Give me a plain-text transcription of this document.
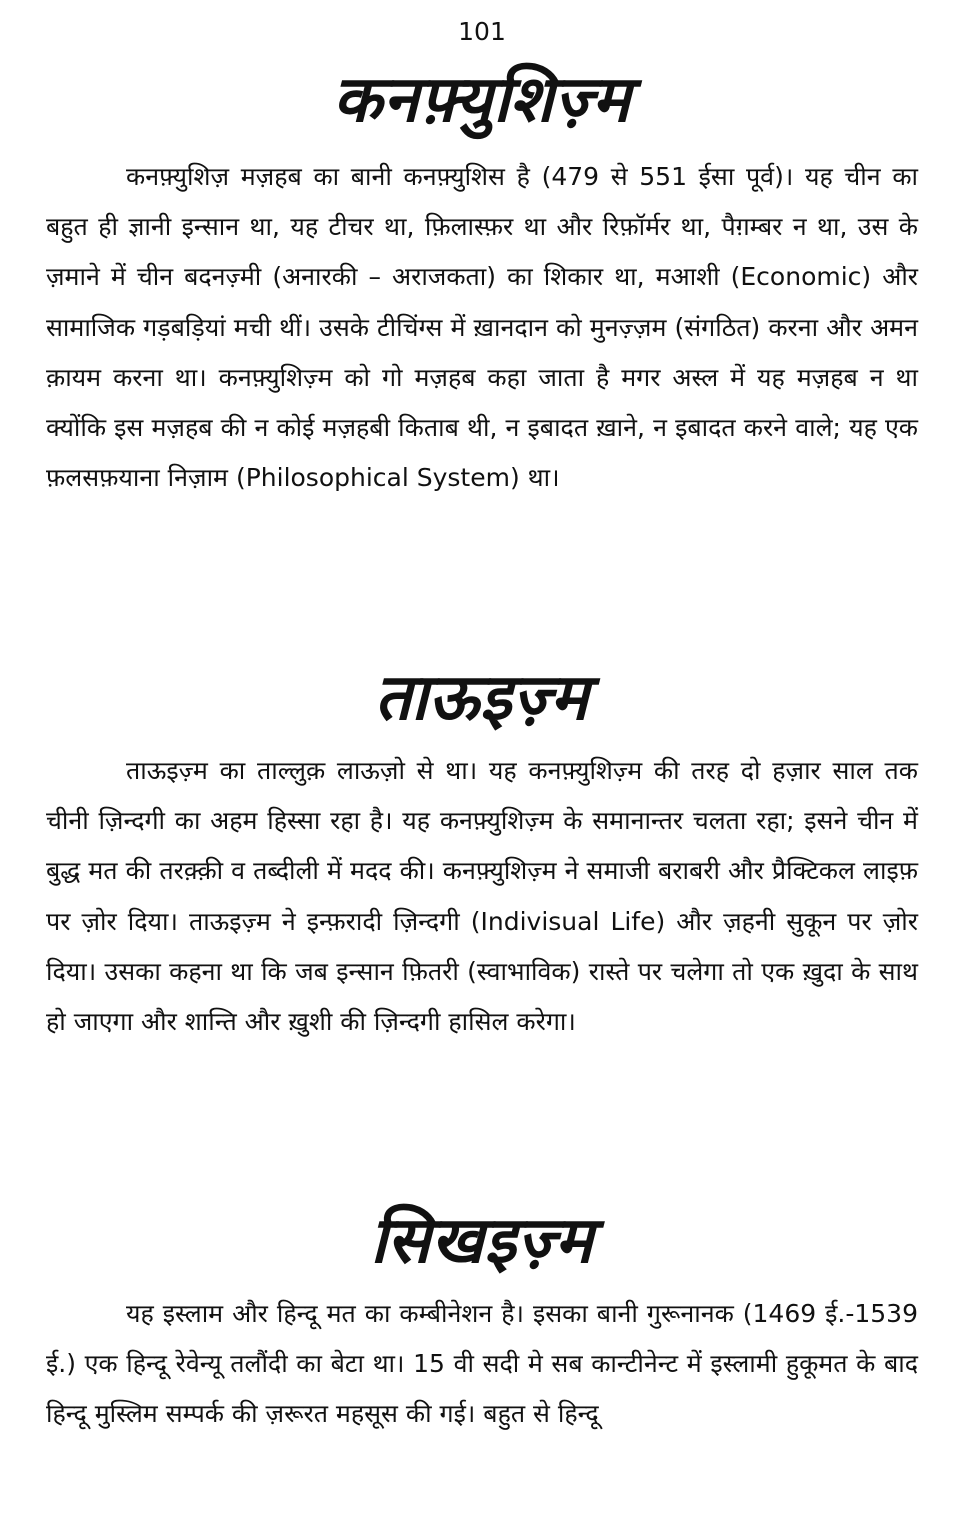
101
कनफ़्युशिज़्म

कनफ़्युशिज़ मज़हब का बानी कनफ़्युशिस है (479 से 551 ईसा पूर्व)। यह चीन का बहुत ही ज्ञानी इन्सान था, यह टीचर था, फ़िलास्फ़र था और रिफ़ॉर्मर था, पैग़म्बर न था, उस के ज़माने में चीन बदनज़्मी (अनारकी – अराजकता) का शिकार था, मआशी (Economic) और सामाजिक गड़बड़ियां मची थीं। उसके टीचिंग्स में ख़ानदान को मुनज़्ज़म (संगठित) करना और अमन क़ायम करना था। कनफ़्युशिज़्म को गो मज़हब कहा जाता है मगर अस्ल में यह मज़हब न था क्योंकि इस मज़हब की न कोई मज़हबी किताब थी, न इबादत ख़ाने, न इबादत करने वाले; यह एक फ़लसफ़याना निज़ाम (Philosophical System) था।

ताऊइज़्म

ताऊइज़्म का ताल्लुक़ लाऊज़ो से था। यह कनफ़्युशिज़्म की तरह दो हज़ार साल तक चीनी ज़िन्दगी का अहम हिस्सा रहा है। यह कनफ़्युशिज़्म के समानान्तर चलता रहा; इसने चीन में बुद्ध मत की तरक़्क़ी व तब्दीली में मदद की। कनफ़्युशिज़्म ने समाजी बराबरी और प्रैक्टिकल लाइफ़ पर ज़ोर दिया। ताऊइज़्म ने इन्फ़रादी ज़िन्दगी (Indivisual Life) और ज़हनी सुकून पर ज़ोर दिया। उसका कहना था कि जब इन्सान फ़ितरी (स्वाभाविक) रास्ते पर चलेगा तो एक ख़ुदा के साथ हो जाएगा और शान्ति और ख़ुशी की ज़िन्दगी हासिल करेगा।

सिखइज़्म

यह इस्लाम और हिन्दू मत का कम्बीनेशन है। इसका बानी गुरूनानक (1469 ई.-1539 ई.) एक हिन्दू रेवेन्यू तलौंदी का बेटा था। 15 वी सदी मे सब कान्टीनेन्ट में इस्लामी हुकूमत के बाद हिन्दू मुस्लिम सम्पर्क की ज़रूरत महसूस की गई। बहुत से हिन्दू
